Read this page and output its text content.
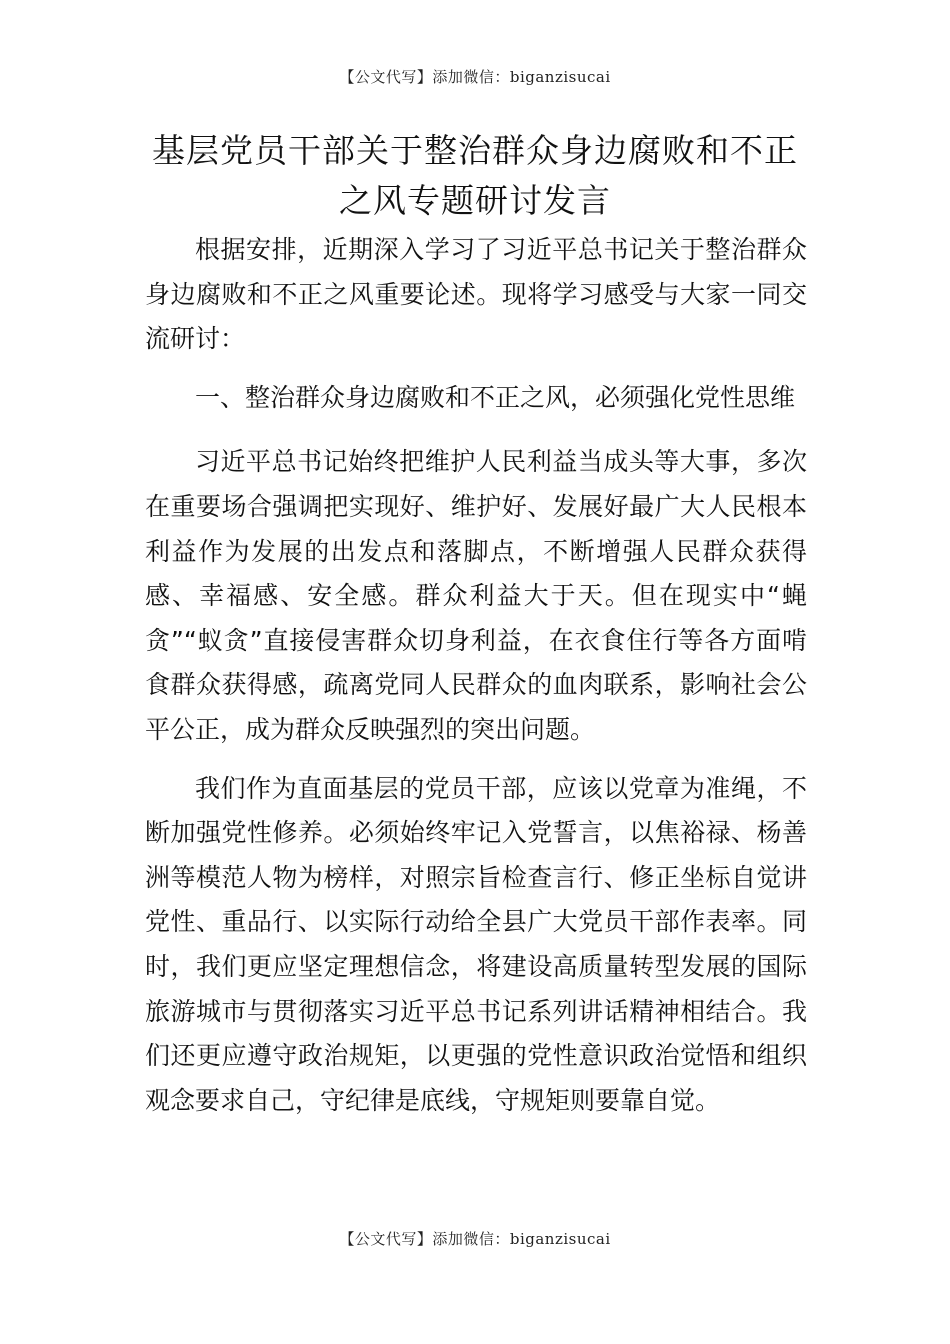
【公文代写】添加微信：biganzisucai
基层党员干部关于整治群众身边腐败和不正之风专题研讨发言

根据安排，近期深入学习了习近平总书记关于整治群众身边腐败和不正之风重要论述。现将学习感受与大家一同交流研讨：

一、整治群众身边腐败和不正之风，必须强化党性思维

习近平总书记始终把维护人民利益当成头等大事，多次在重要场合强调把实现好、维护好、发展好最广大人民根本利益作为发展的出发点和落脚点，不断增强人民群众获得感、幸福感、安全感。群众利益大于天。但在现实中“蝇贪”“蚁贪”直接侵害群众切身利益，在衣食住行等各方面啃食群众获得感，疏离党同人民群众的血肉联系，影响社会公平公正，成为群众反映强烈的突出问题。

我们作为直面基层的党员干部，应该以党章为准绳，不断加强党性修养。必须始终牢记入党誓言，以焦裕禄、杨善洲等模范人物为榜样，对照宗旨检查言行、修正坐标自觉讲党性、重品行、以实际行动给全县广大党员干部作表率。同时，我们更应坚定理想信念，将建设高质量转型发展的国际旅游城市与贯彻落实习近平总书记系列讲话精神相结合。我们还更应遵守政治规矩，以更强的党性意识政治觉悟和组织观念要求自己，守纪律是底线，守规矩则要靠自觉。

【公文代写】添加微信：biganzisucai
